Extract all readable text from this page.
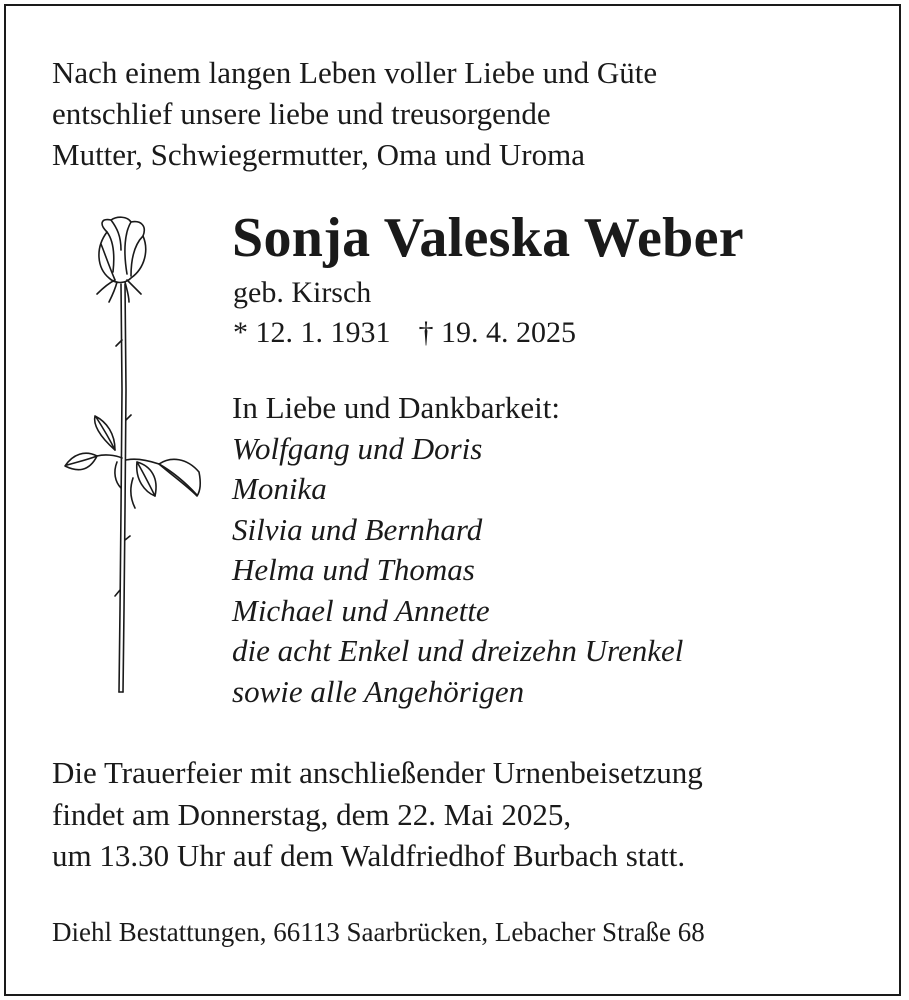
Nach einem langen Leben voller Liebe und Güte
entschlief unsere liebe und treusorgende
Mutter, Schwiegermutter, Oma und Uroma
Sonja Valeska Weber
geb. Kirsch
* 12. 1. 1931 † 19. 4. 2025
In Liebe und Dankbarkeit:
Wolfgang und Doris
Monika
Silvia und Bernhard
Helma und Thomas
Michael und Annette
die acht Enkel und dreizehn Urenkel
sowie alle Angehörigen
Die Trauerfeier mit anschließender Urnenbeisetzung
findet am Donnerstag, dem 22. Mai 2025,
um 13.30 Uhr auf dem Waldfriedhof Burbach statt.
Diehl Bestattungen, 66113 Saarbrücken, Lebacher Straße 68
